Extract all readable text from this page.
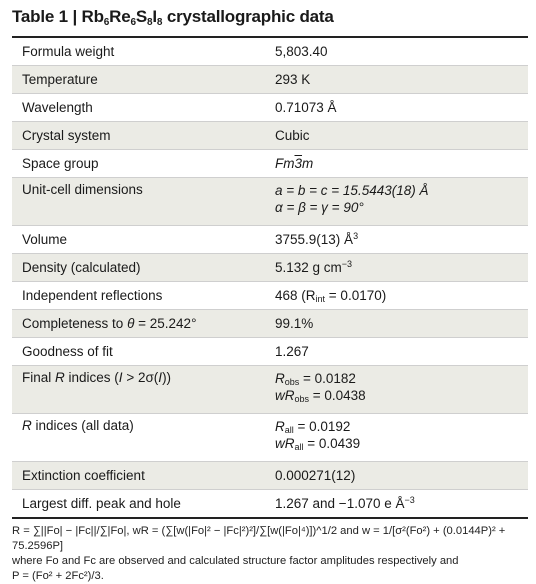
Table 1 | $Rb_6Re_6S_8I_8$ crystallographic data
Formula weight	5,803.40
Temperature	293 K
Wavelength	0.71073 Å
Crystal system	Cubic
Space group	Fm3m
Unit-cell dimensions	a = b = c = 15.5443(18) Å
α = β = γ = 90°

Volume	3755.9(13) $Å^3$
Density (calculated)	5.132 g $cm^{-3}$
Independent reflections	468 $(R_{int} = 0.0170)$
Completeness to θ = 25.242°	99.1%
Goodness of fit	1.267
Final R indices (I > 2σ(I))	$R_{obs} = 0.0182$
$wR_{obs} = 0.0438$

R indices (all data)	$R_{all} = 0.0192$
$wR_{all} = 0.0439$

Extinction coefficient	0.000271(12)
Largest diff. peak and hole	1.267 and −1.070 e $Å^{-3}$
R = ∑||Fo| − |Fc||/∑|Fo|, wR = (∑[w(|Fo|² − |Fc|²)²]/∑[w(|Fo|⁴)])^1/2 and w = 1/[σ²(Fo²) + (0.0144P)² + 75.2596P]
where Fo and Fc are observed and calculated structure factor amplitudes respectively and
P = (Fo² + 2Fc²)/3.
